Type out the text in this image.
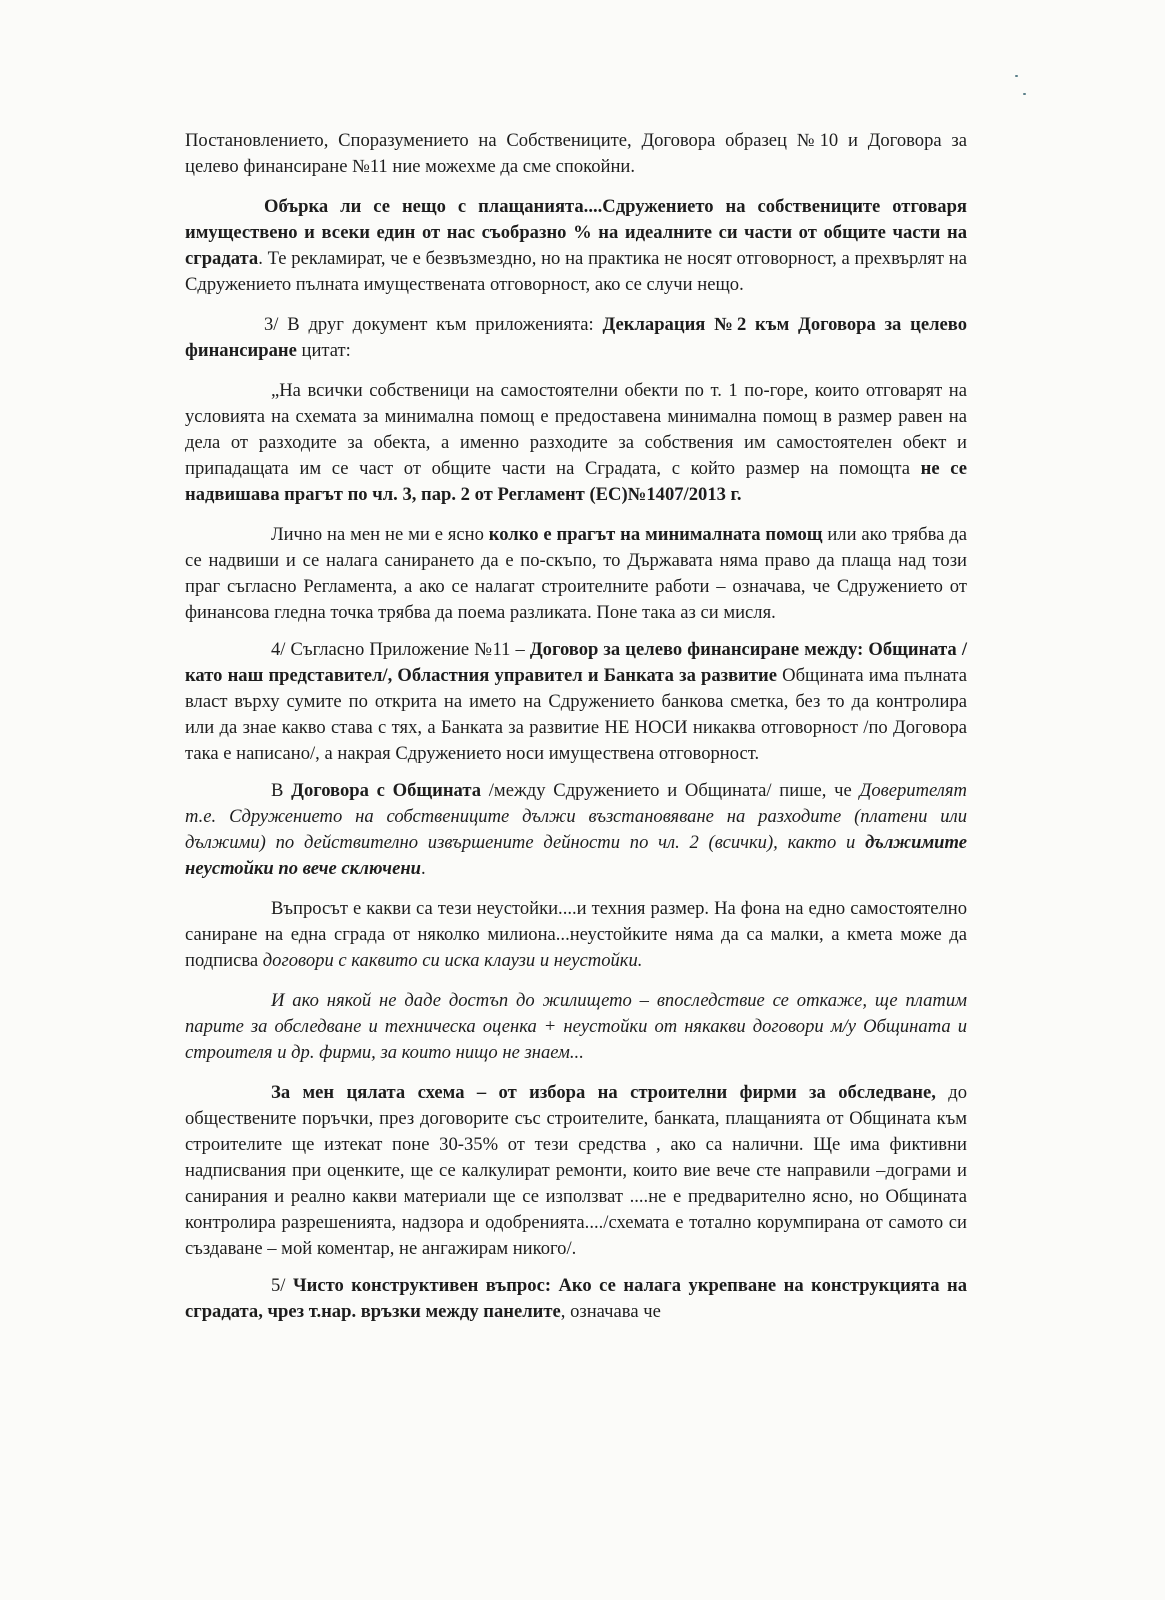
Постановлението, Споразумението на Собствениците, Договора образец №10 и Договора за целево финансиране №11 ние можехме да сме спокойни.

Обърка ли се нещо с плащанията....Сдружението на собствениците отговаря имуществено и всеки един от нас съобразно % на идеалните си части от общите части на сградата. Те рекламират, че е безвъзмездно, но на практика не носят отговорност, а прехвърлят на Сдружението пълната имуществената отговорност, ако се случи нещо.

3/ В друг документ към приложенията: Декларация №2 към Договора за целево финансиране цитат:

„На всички собственици на самостоятелни обекти по т. 1 по-горе, които отговарят на условията на схемата за минимална помощ е предоставена минимална помощ в размер равен на дела от разходите за обекта, а именно разходите за собствения им самостоятелен обект и припадащата им се част от общите части на Сградата, с който размер на помощта не се надвишава прагът по чл. 3, пар. 2 от Регламент (ЕС)№1407/2013 г.

Лично на мен не ми е ясно колко е прагът на минималната помощ или ако трябва да се надвиши и се налага санирането да е по-скъпо, то Държавата няма право да плаща над този праг съгласно Регламента, а ако се налагат строителните работи – означава, че Сдружението от финансова гледна точка трябва да поема разликата. Поне така аз си мисля.

4/ Съгласно Приложение №11 – Договор за целево финансиране между: Общината /като наш представител/, Областния управител и Банката за развитие Общината има пълната власт върху сумите по открита на името на Сдружението банкова сметка, без то да контролира или да знае какво става с тях, а Банката за развитие НЕ НОСИ никаква отговорност /по Договора така е написано/, а накрая Сдружението носи имуществена отговорност.

В Договора с Общината /между Сдружението и Общината/ пише, че Доверителят т.е. Сдружението на собствениците дължи възстановяване на разходите (платени или дължими) по действително извършените дейности по чл. 2 (всички), както и дължимите неустойки по вече сключени.

Въпросът е какви са тези неустойки....и техния размер. На фона на едно самостоятелно саниране на една сграда от няколко милиона...неустойките няма да са малки, а кмета може да подписва договори с каквито си иска клаузи и неустойки.

И ако някой не даде достъп до жилището – впоследствие се откаже, ще платим парите за обследване и техническа оценка + неустойки от някакви договори м/у Общината и строителя и др. фирми, за които нищо не знаем...

За мен цялата схема – от избора на строителни фирми за обследване, до обществените поръчки, през договорите със строителите, банката, плащанията от Общината към строителите ще изтекат поне 30-35% от тези средства , ако са налични. Ще има фиктивни надписвания при оценките, ще се калкулират ремонти, които вие вече сте направили –дограми и санирания и реално какви материали ще се използват ....не е предварително ясно, но Общината контролира разрешенията, надзора и одобренията..../схемата е тотално корумпирана от самото си създаване – мой коментар, не ангажирам никого/.

5/ Чисто конструктивен въпрос: Ако се налага укрепване на конструкцията на сградата, чрез т.нар. връзки между панелите, означава че
